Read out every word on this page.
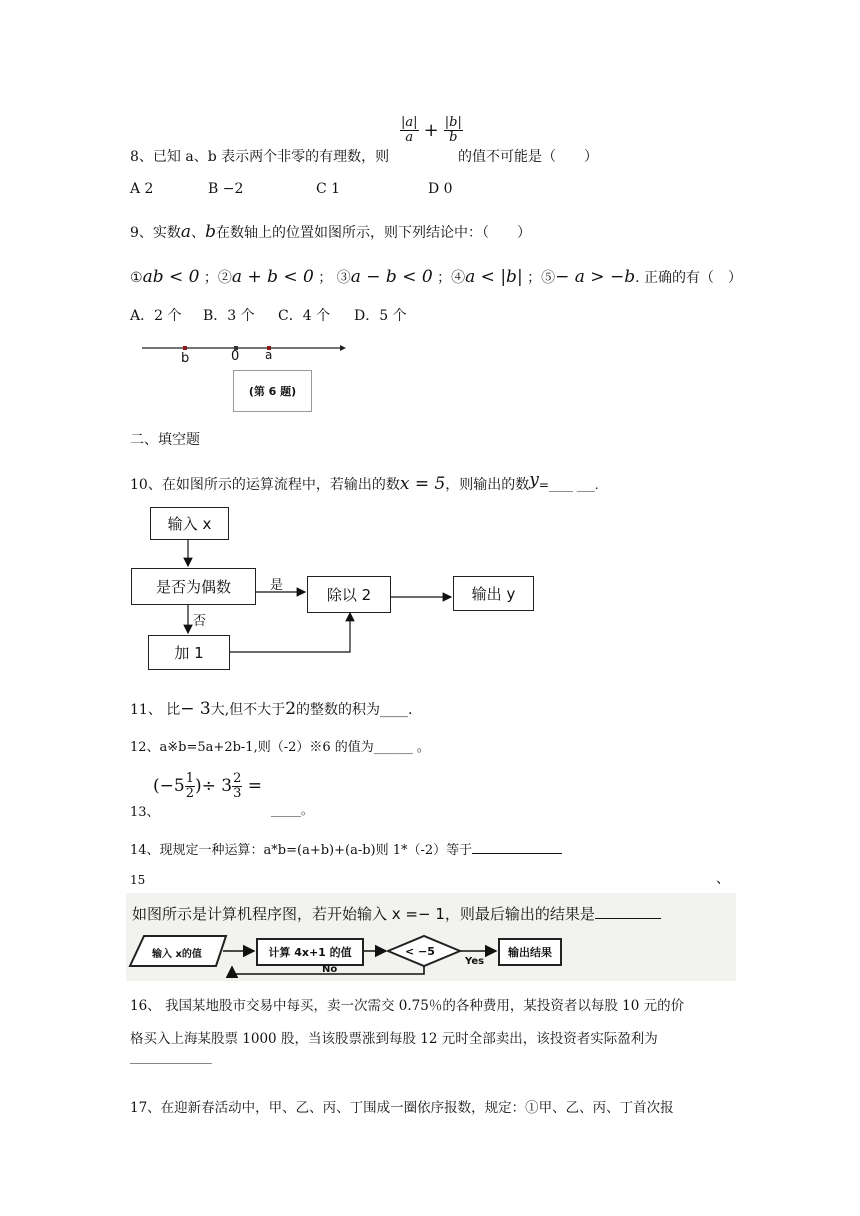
8、已知 a、b 表示两个非零的有理数，则
$\frac{|a|}{a} + \frac{|b|}{b}$
的值不可能是（　　）
A 2	B −2	C 1	D 0
9、实数a、b在数轴上的位置如图所示，则下列结论中：（　　）
①ab < 0 ；②a + b < 0 ； ③a − b < 0 ；④a < |b| ；⑤− a > −b. 正确的有（　）
A．2 个 B．3 个 C．4 个 D．5 个
b	0 a
(第 6 题)
二、填空题
10、在如图所示的运算流程中，若输出的数x = 5，则输出的数y=____ ___.
输入 x
是否为偶数	除以 2	输出 y
加 1
是
否
11、 比− 3大,但不大于2的整数的积为____.
12、a※b=5a+2b-1,则（-2）※6 的值为______ 。
($-5 \frac{1}{2}$ )÷ $3 \frac{2}{3}$ =
13、	_____。
14、现规定一种运算：a*b=(a+b)+(a-b)则 1*（-2）等于
15	、
如图所示是计算机程序图，若开始输入 x =− 1，则最后输出的结果是
输入 x的值	计算 4x+1 的值	< −5	输出结果
Yes
No
16、 我国某地股市交易中每买，卖一次需交 0.75％的各种费用，某投资者以每股 10 元的价
格买入上海某股票 1000 股，当该股票涨到每股 12 元时全部卖出，该投资者实际盈利为
17、在迎新春活动中，甲、乙、丙、丁围成一圈依序报数，规定：①甲、乙、丙、丁首次报
